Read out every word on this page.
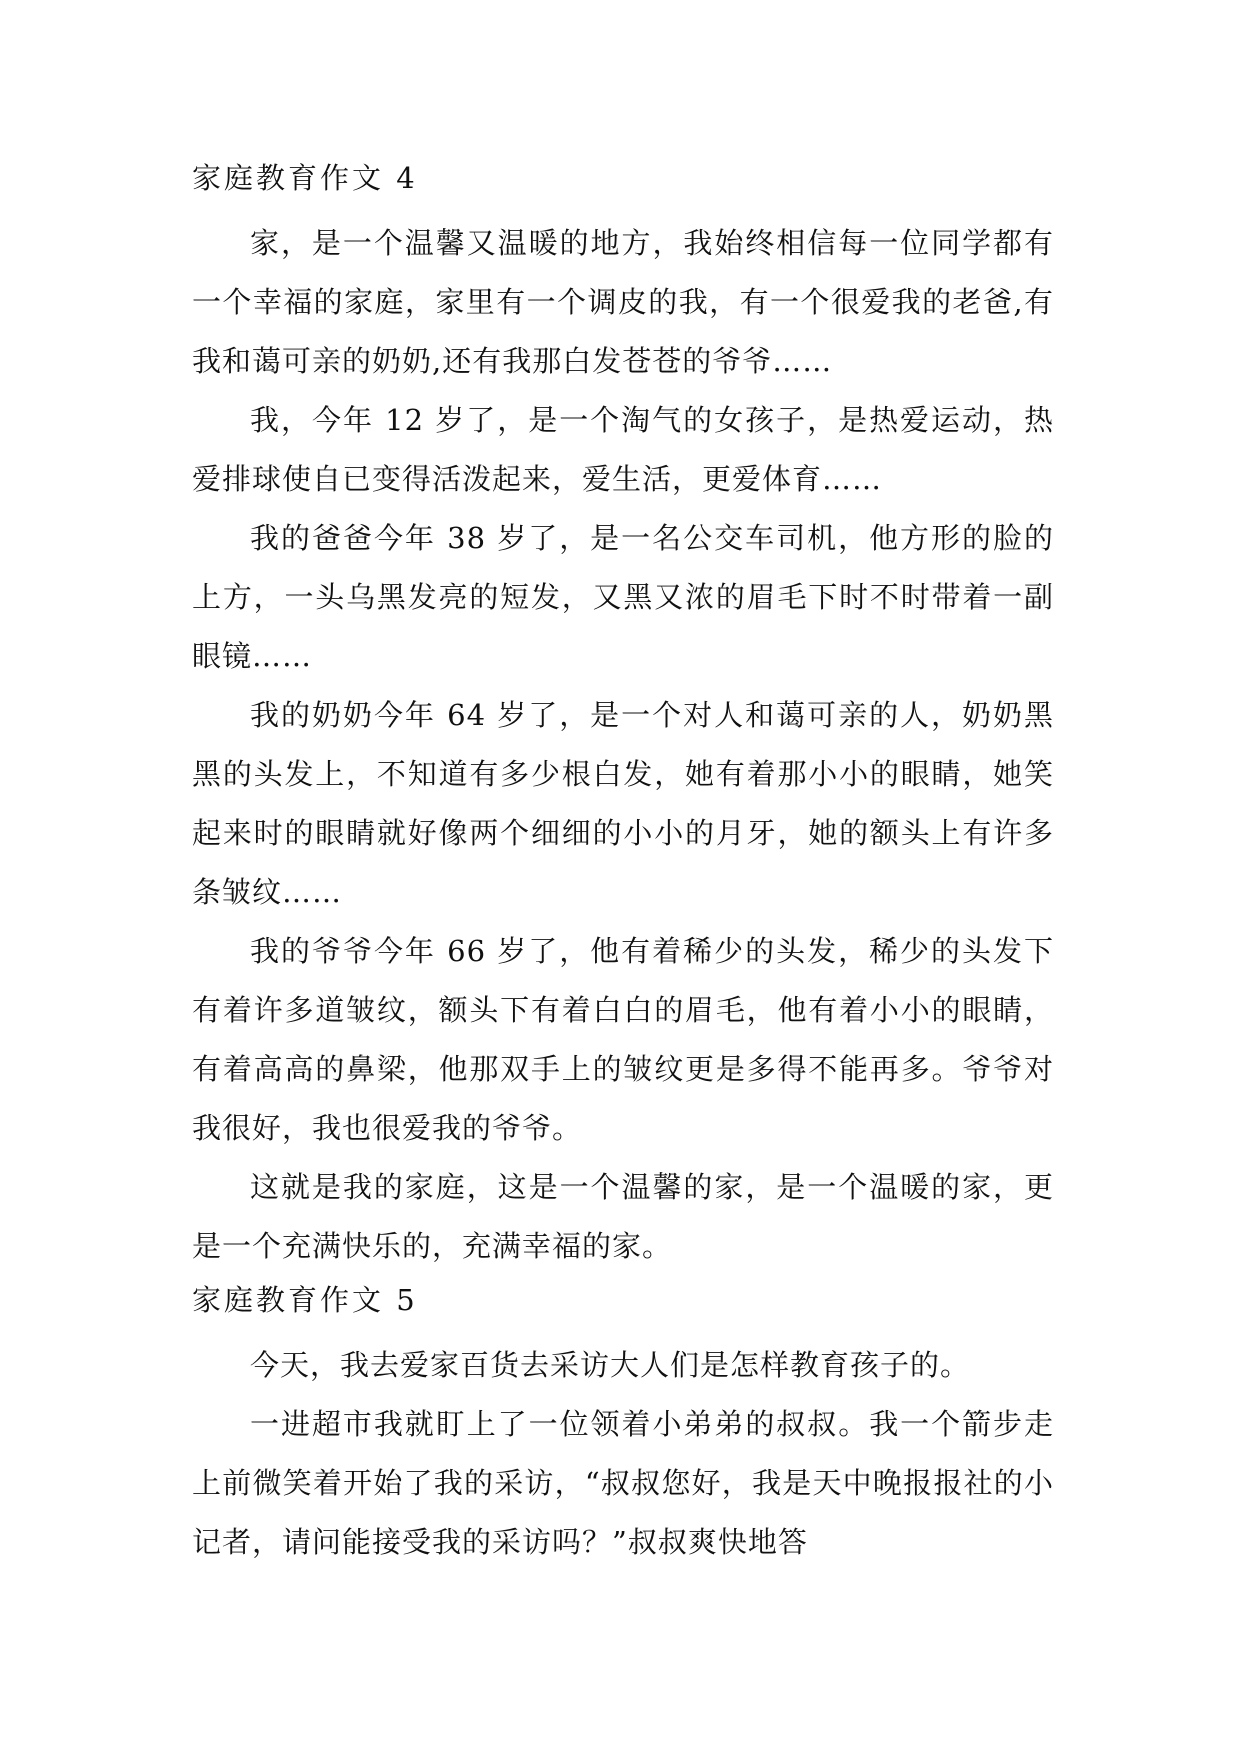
家庭教育作文 4

家，是一个温馨又温暖的地方，我始终相信每一位同学都有一个幸福的家庭，家里有一个调皮的我，有一个很爱我的老爸,有我和蔼可亲的奶奶,还有我那白发苍苍的爷爷……

我，今年 12 岁了，是一个淘气的女孩子，是热爱运动，热爱排球使自已变得活泼起来，爱生活，更爱体育……

我的爸爸今年 38 岁了，是一名公交车司机，他方形的脸的上方，一头乌黑发亮的短发，又黑又浓的眉毛下时不时带着一副眼镜……

我的奶奶今年 64 岁了，是一个对人和蔼可亲的人，奶奶黑黑的头发上，不知道有多少根白发，她有着那小小的眼睛，她笑起来时的眼睛就好像两个细细的小小的月牙，她的额头上有许多条皱纹……

我的爷爷今年 66 岁了，他有着稀少的头发，稀少的头发下有着许多道皱纹，额头下有着白白的眉毛，他有着小小的眼睛，有着高高的鼻梁，他那双手上的皱纹更是多得不能再多。爷爷对我很好，我也很爱我的爷爷。

这就是我的家庭，这是一个温馨的家，是一个温暖的家，更是一个充满快乐的，充满幸福的家。

家庭教育作文 5

今天，我去爱家百货去采访大人们是怎样教育孩子的。

一进超市我就盯上了一位领着小弟弟的叔叔。我一个箭步走上前微笑着开始了我的采访，“叔叔您好，我是天中晚报报社的小记者，请问能接受我的采访吗？”叔叔爽快地答
